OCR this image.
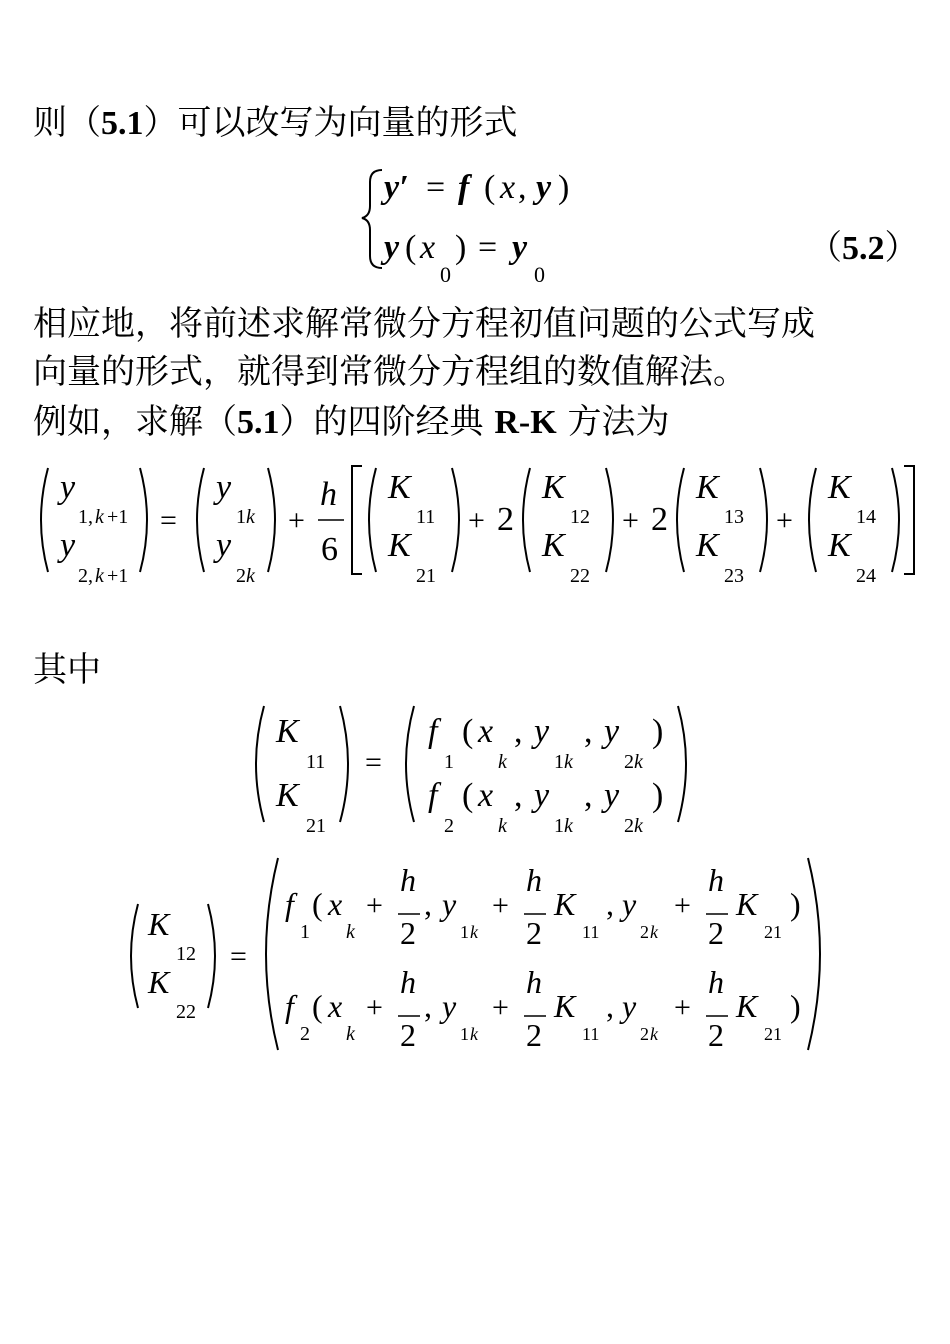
则（5.1）可以改写为向量的形式
相应地，将前述求解常微分方程初值问题的公式写成
向量的形式，就得到常微分方程组的数值解法。
例如，求解（5.1）的四阶经典 R-K 方法为
其中
（5.2）
y′ = f ( x , y )
y ( x
0
) = y
0
y
1, k +1
y
2, k +1
=
y
1 k
y
2 k
+
h
6
K
11
K
21
+ 2
K
12
K
22
+ 2
K
13
K
23
+
K
14
K
24
K
11
K
21
=
f
1
( x
k
, y
1 k
, y
2 k
)
f
2
( x
k
, y
1 k
, y
2 k
)
K
12
K
22
=
f
1
( x
k
+
h
2
, y
1 k
+
h
2
K
11
, y
2 k
+
h
2
K
21
)
f
2
( x
k
+
h
2
, y
1 k
+
h
2
K
11
, y
2 k
+
h
2
K
21
)
